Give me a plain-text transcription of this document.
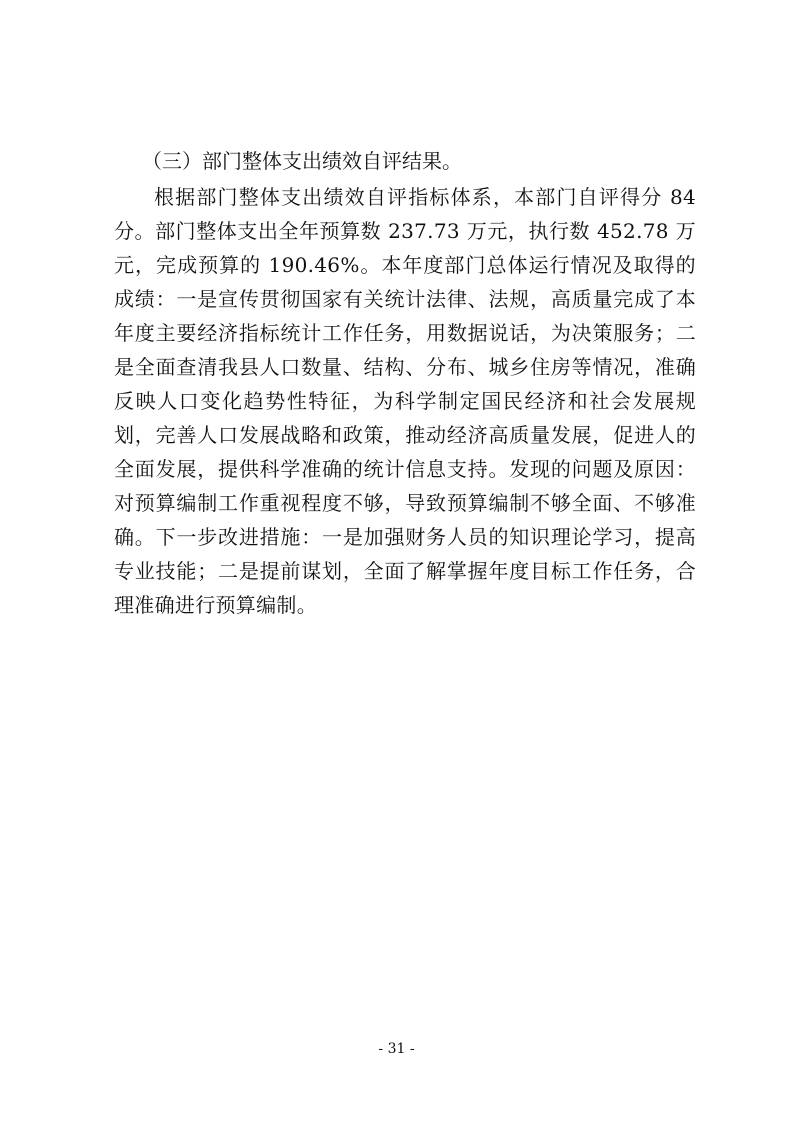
（三）部门整体支出绩效自评结果。

根据部门整体支出绩效自评指标体系，本部门自评得分 84分。部门整体支出全年预算数 237.73 万元，执行数 452.78 万元，完成预算的 190.46%。本年度部门总体运行情况及取得的成绩：一是宣传贯彻国家有关统计法律、法规，高质量完成了本年度主要经济指标统计工作任务，用数据说话，为决策服务；二是全面查清我县人口数量、结构、分布、城乡住房等情况，准确反映人口变化趋势性特征，为科学制定国民经济和社会发展规划，完善人口发展战略和政策，推动经济高质量发展，促进人的全面发展，提供科学准确的统计信息支持。发现的问题及原因：对预算编制工作重视程度不够，导致预算编制不够全面、不够准确。下一步改进措施：一是加强财务人员的知识理论学习，提高专业技能；二是提前谋划，全面了解掌握年度目标工作任务，合理准确进行预算编制。

- 31 -
